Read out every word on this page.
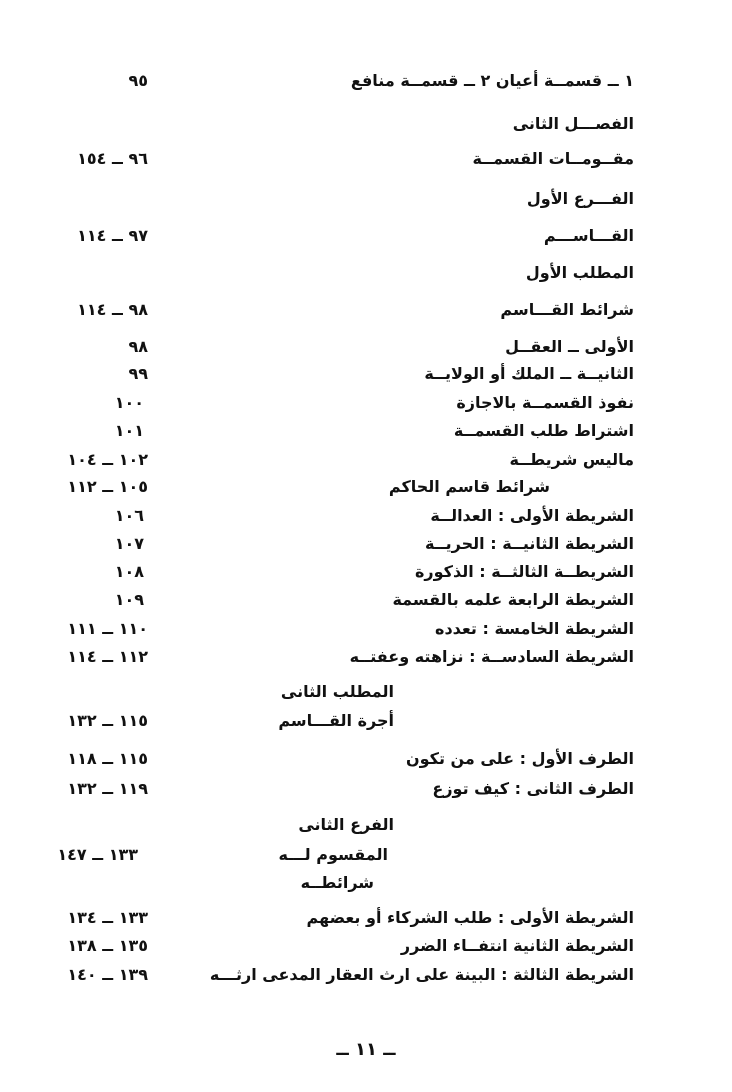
١ ــ قسمــة أعيان ٢ ــ قسمــة منافع
٩٥
الفصـــل الثانى
مقــومــات القسمــة
٩٦ ــ ١٥٤
الفـــرع الأول
القـــاســـم
٩٧ ــ ١١٤
المطلب الأول
شرائط القـــاسم
٩٨ ــ ١١٤
الأولى ــ العقــل
٩٨
الثانيــة ــ الملك أو الولايــة
٩٩
نفوذ القسمــة بالاجازة
١٠٠
اشتراط طلب القسمــة
١٠١
ماليس شريطــة
١٠٢ ــ ١٠٤
شرائط قاسم الحاكم
١٠٥ ــ ١١٢
الشريطة الأولى : العدالــة
١٠٦
الشريطة الثانيــة : الحريــة
١٠٧
الشريطــة الثالثــة : الذكورة
١٠٨
الشريطة الرابعة علمه بالقسمة
١٠٩
الشريطة الخامسة : تعدده
١١٠ ــ ١١١
الشريطة السادســة : نزاهته وعفتــه
١١٢ ــ ١١٤
المطلب الثانى
أجرة القـــاسم
١١٥ ــ ١٣٢
الطرف الأول : على من تكون
١١٥ ــ ١١٨
الطرف الثانى : كيف توزع
١١٩ ــ ١٣٢
الفرع الثانى
المقسوم لـــه
١٣٣ ــ ١٤٧
شرائطــه
الشريطة الأولى : طلب الشركاء أو بعضهم
١٣٣ ــ ١٣٤
الشريطة الثانية انتفــاء الضرر
١٣٥ ــ ١٣٨
الشريطة الثالثة : البينة على ارث العقار المدعى ارثـــه
١٣٩ ــ ١٤٠
ــ ١١ ــ
